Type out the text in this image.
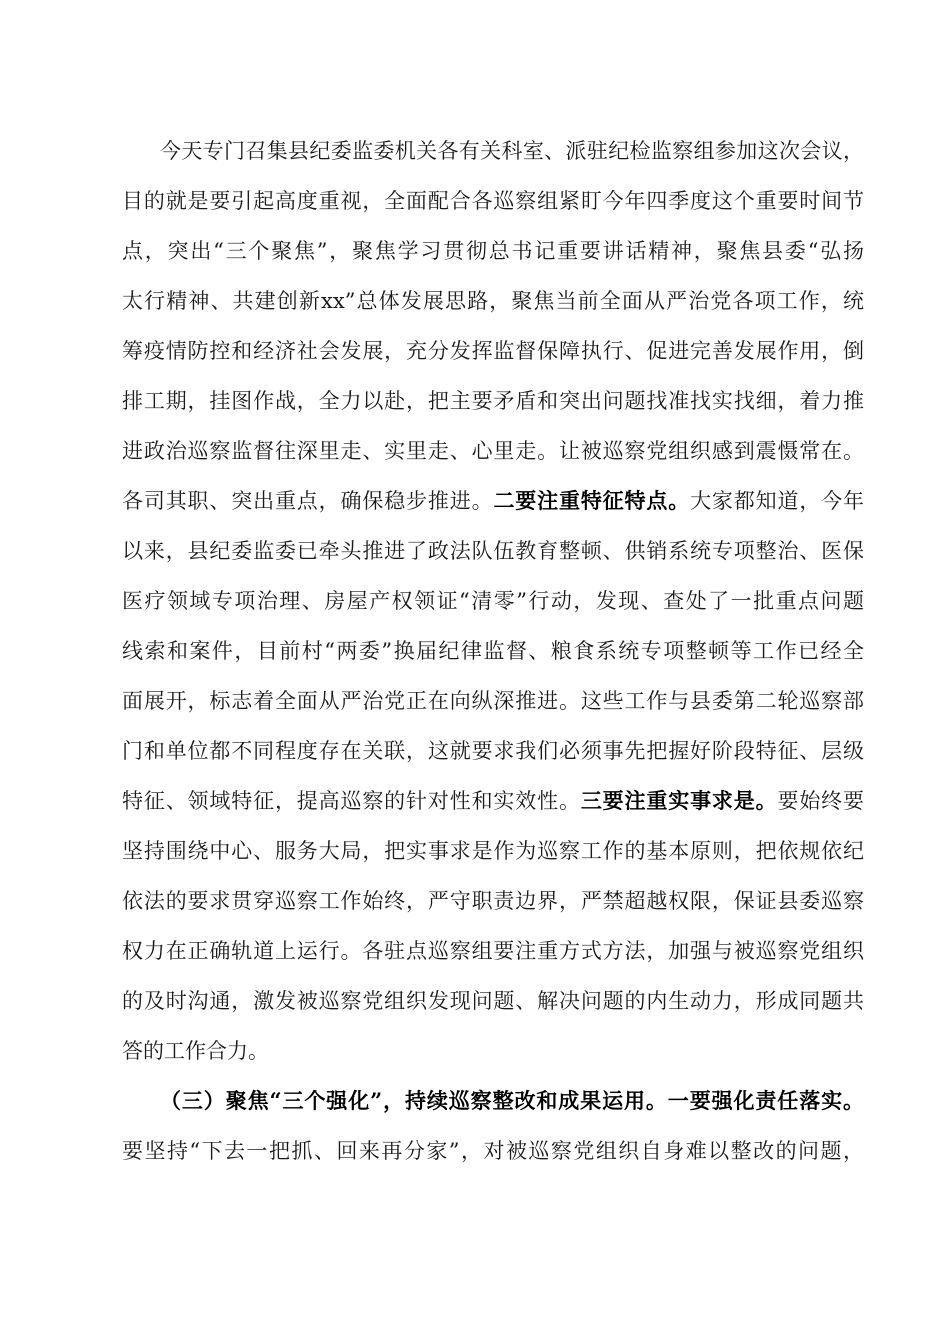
今天专门召集县纪委监委机关各有关科室、派驻纪检监察组参加这次会议，
目的就是要引起高度重视，全面配合各巡察组紧盯今年四季度这个重要时间节
点，突出“三个聚焦”，聚焦学习贯彻总书记重要讲话精神，聚焦县委“弘扬
太行精神、共建创新xx”总体发展思路，聚焦当前全面从严治党各项工作，统
筹疫情防控和经济社会发展，充分发挥监督保障执行、促进完善发展作用，倒
排工期，挂图作战，全力以赴，把主要矛盾和突出问题找准找实找细，着力推
进政治巡察监督往深里走、实里走、心里走。让被巡察党组织感到震慑常在。
各司其职、突出重点，确保稳步推进。二要注重特征特点。大家都知道，今年
以来，县纪委监委已牵头推进了政法队伍教育整顿、供销系统专项整治、医保
医疗领域专项治理、房屋产权领证“清零”行动，发现、查处了一批重点问题
线索和案件，目前村“两委”换届纪律监督、粮食系统专项整顿等工作已经全
面展开，标志着全面从严治党正在向纵深推进。这些工作与县委第二轮巡察部
门和单位都不同程度存在关联，这就要求我们必须事先把握好阶段特征、层级
特征、领域特征，提高巡察的针对性和实效性。三要注重实事求是。要始终要
坚持围绕中心、服务大局，把实事求是作为巡察工作的基本原则，把依规依纪
依法的要求贯穿巡察工作始终，严守职责边界，严禁超越权限，保证县委巡察
权力在正确轨道上运行。各驻点巡察组要注重方式方法，加强与被巡察党组织
的及时沟通，激发被巡察党组织发现问题、解决问题的内生动力，形成同题共
答的工作合力。
（三）聚焦“三个强化”，持续巡察整改和成果运用。一要强化责任落实。
要坚持“下去一把抓、回来再分家”，对被巡察党组织自身难以整改的问题，
